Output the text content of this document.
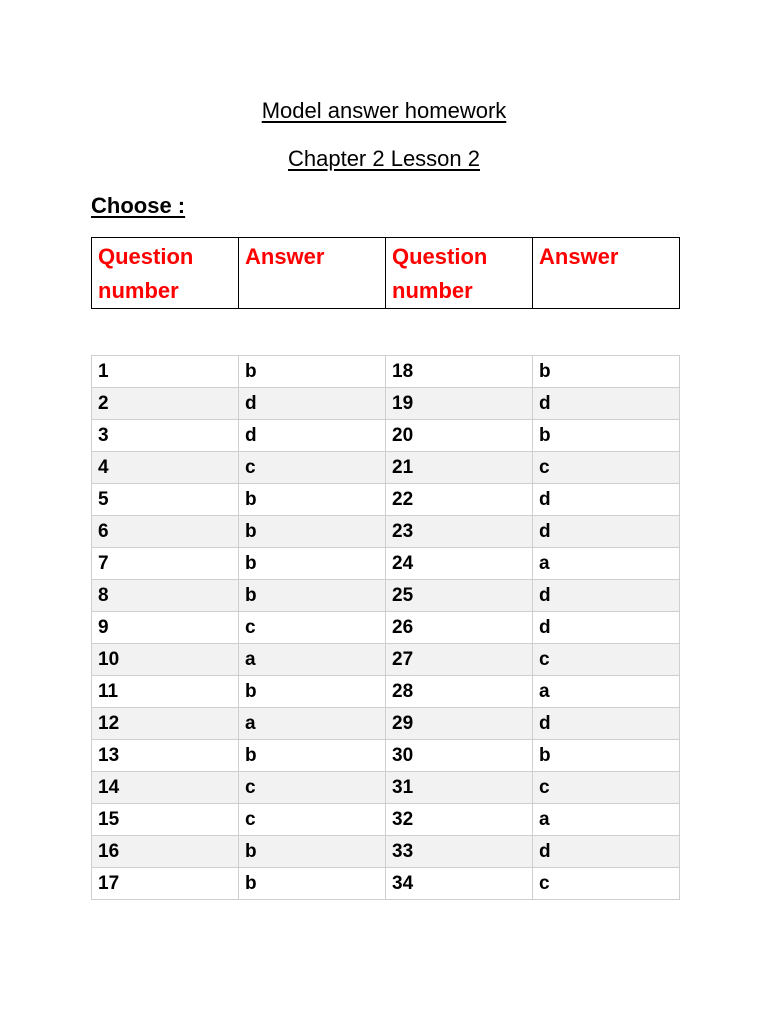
Model answer homework
Chapter 2 Lesson 2
Choose :
Question number	Answer	Question number	Answer
1	b	18	b
2	d	19	d
3	d	20	b
4	c	21	c
5	b	22	d
6	b	23	d
7	b	24	a
8	b	25	d
9	c	26	d
10	a	27	c
11	b	28	a
12	a	29	d
13	b	30	b
14	c	31	c
15	c	32	a
16	b	33	d
17	b	34	c
